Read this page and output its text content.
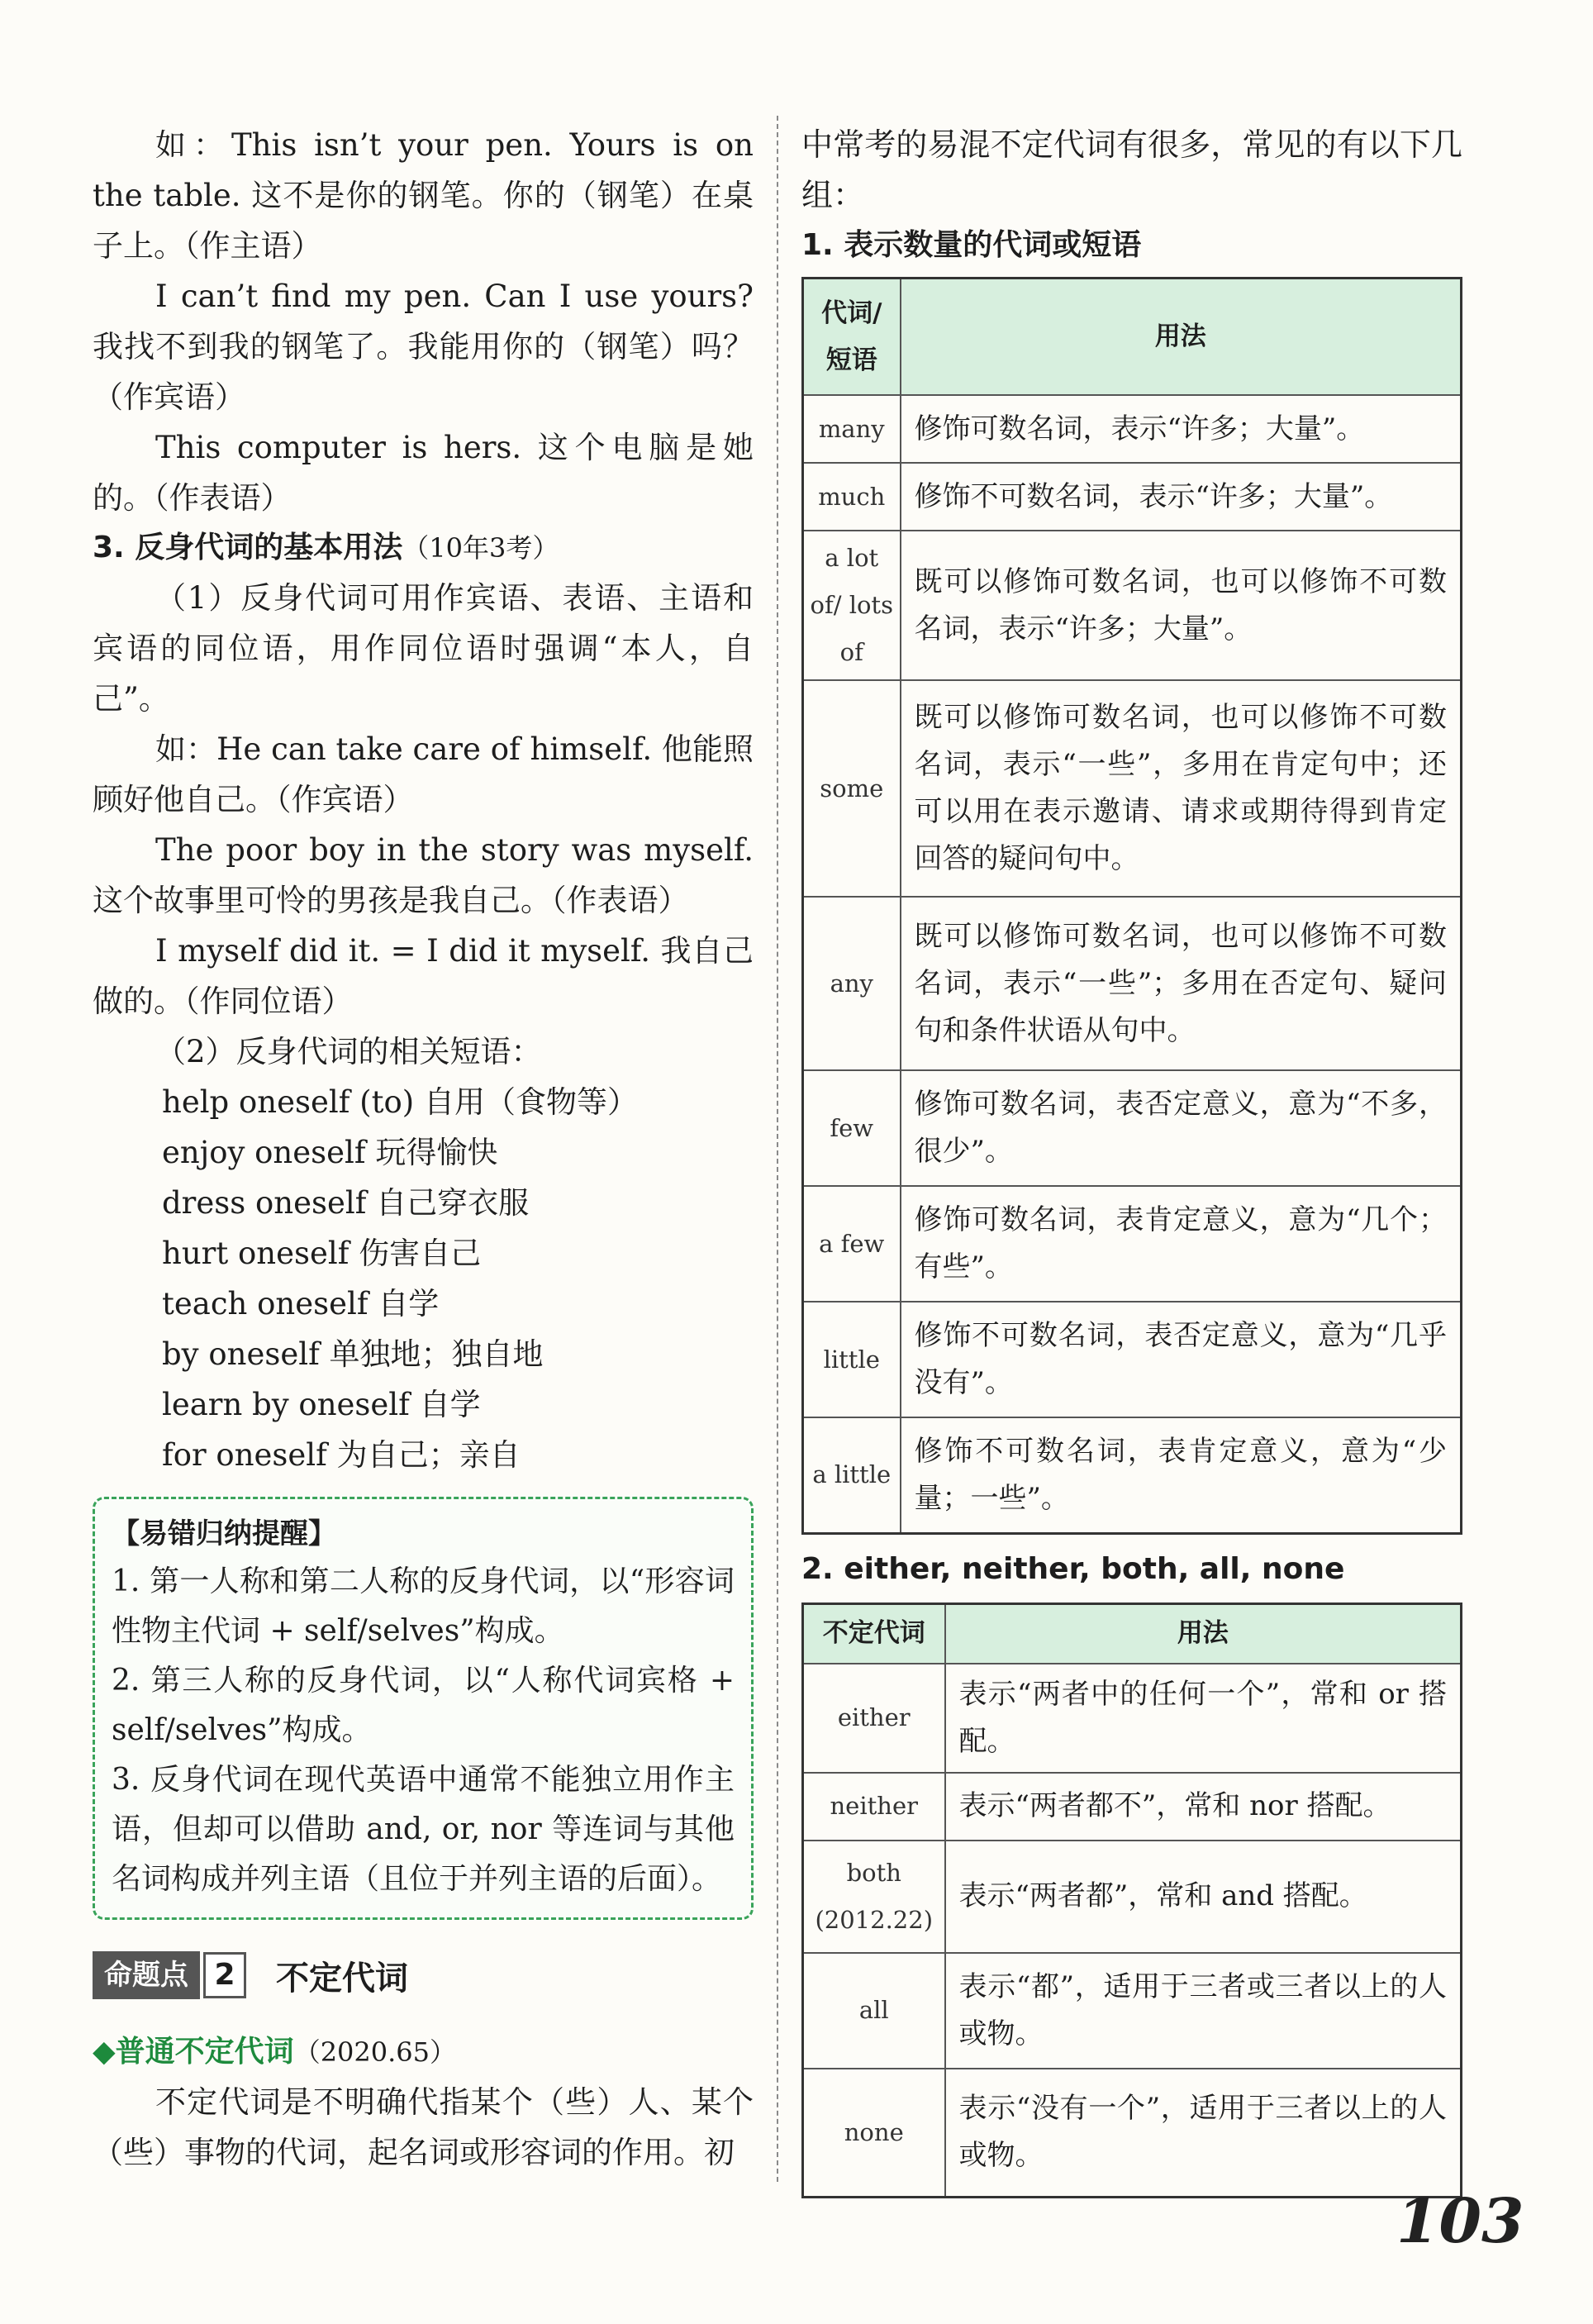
如：This isn’t your pen. Yours is on the table. 这不是你的钢笔。你的（钢笔）在桌子上。（作主语）

I can’t find my pen. Can I use yours? 我找不到我的钢笔了。我能用你的（钢笔）吗？（作宾语）

This computer is hers. 这个电脑是她的。（作表语）

3. 反身代词的基本用法（10年3考）

（1）反身代词可用作宾语、表语、主语和宾语的同位语，用作同位语时强调“本人，自己”。

如：He can take care of himself. 他能照顾好他自己。（作宾语）

The poor boy in the story was myself. 这个故事里可怜的男孩是我自己。（作表语）

I myself did it. = I did it myself. 我自己做的。（作同位语）

（2）反身代词的相关短语：

help oneself (to) 自用（食物等）

enjoy oneself 玩得愉快

dress oneself 自己穿衣服

hurt oneself 伤害自己

teach oneself 自学

by oneself 单独地；独自地

learn by oneself 自学

for oneself 为自己；亲自

【易错归纳提醒】

1. 第一人称和第二人称的反身代词，以“形容词性物主代词 + self/selves”构成。

2. 第三人称的反身代词，以“人称代词宾格 + self/selves”构成。

3. 反身代词在现代英语中通常不能独立用作主语，但却可以借助 and, or, nor 等连词与其他名词构成并列主语（且位于并列主语的后面）。

命题点 2	不定代词
◆普通不定代词（2020.65）

不定代词是不明确代指某个（些）人、某个（些）事物的代词，起名词或形容词的作用。初

中常考的易混不定代词有很多，常见的有以下几组：

1. 表示数量的代词或短语
代词/短语	用法
many	修饰可数名词，表示“许多；大量”。
much	修饰不可数名词，表示“许多；大量”。
a lot of/ lots of	既可以修饰可数名词，也可以修饰不可数名词，表示“许多；大量”。
some	既可以修饰可数名词，也可以修饰不可数名词，表示“一些”，多用在肯定句中；还可以用在表示邀请、请求或期待得到肯定回答的疑问句中。
any	既可以修饰可数名词，也可以修饰不可数名词，表示“一些”；多用在否定句、疑问句和条件状语从句中。
few	修饰可数名词，表否定意义，意为“不多，很少”。
a few	修饰可数名词，表肯定意义，意为“几个；有些”。
little	修饰不可数名词，表否定意义，意为“几乎没有”。
a little	修饰不可数名词，表肯定意义，意为“少量；一些”。
2. either, neither, both, all, none
不定代词	用法
either	表示“两者中的任何一个”，常和 or 搭配。
neither	表示“两者都不”，常和 nor 搭配。
both (2012.22)	表示“两者都”，常和 and 搭配。
all	表示“都”，适用于三者或三者以上的人或物。
none	表示“没有一个”，适用于三者以上的人或物。
103
